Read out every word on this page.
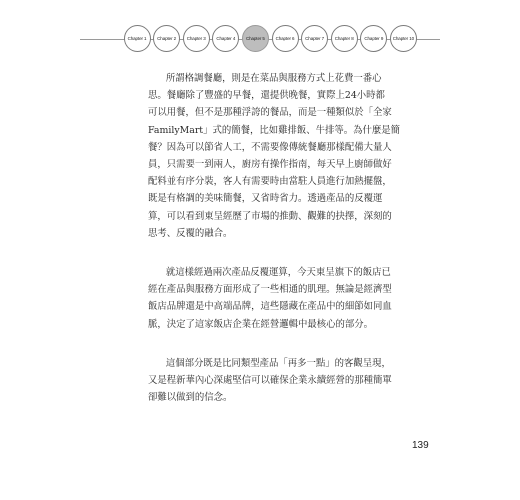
Chapter 1	Chapter 2	Chapter 3	Chapter 4	Chapter 5	Chapter 6	Chapter 7	Chapter 8	Chapter 9	Chapter 10

所謂格調餐廳，則是在菜品與服務方式上花費一番心
思。餐廳除了豐盛的早餐，還提供晚餐，實際上24小時都
可以用餐，但不是那種浮誇的餐品，而是一種類似於「全家
FamilyMart」式的簡餐，比如雞排飯、牛排等。為什麼是簡
餐？因為可以節省人工，不需要像傳統餐廳那樣配備大量人
員，只需要一到兩人，廚房有操作指南，每天早上廚師做好
配料並有序分裝，客人有需要時由當駐人員進行加熱擺盤，
既是有格調的美味簡餐，又省時省力。透過產品的反覆運
算，可以看到東呈經歷了市場的推動、觀難的抉擇，深刻的
思考、反覆的融合。

就這樣經過兩次產品反覆運算，今天東呈旗下的飯店已
經在產品與服務方面形成了一些相通的肌理。無論是經濟型
飯店品牌還是中高端品牌，這些隱藏在產品中的細節如同血
脈，決定了這家飯店企業在經營邏輯中最核心的部分。

這個部分既是比同類型產品「再多一點」的客觀呈現，
又是程新華內心深處堅信可以確保企業永續經營的那種簡單
卻難以做到的信念。

139
